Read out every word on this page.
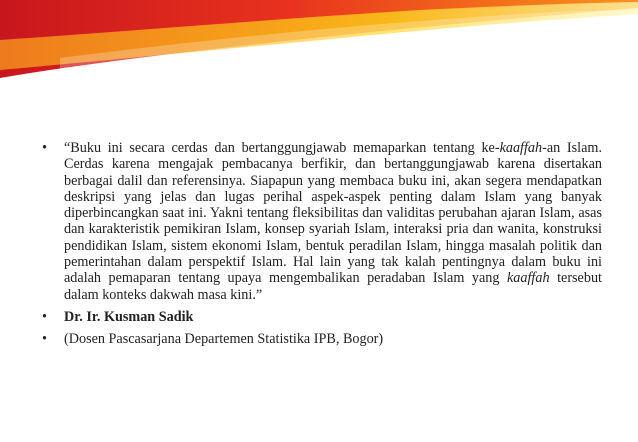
•	“Buku ini secara cerdas dan bertanggungjawab memaparkan tentang ke-kaaffah-an Islam. Cerdas karena mengajak pembacanya berfikir, dan bertanggungjawab karena disertakan berbagai dalil dan referensinya. Siapapun yang membaca buku ini, akan segera mendapatkan deskripsi yang jelas dan lugas perihal aspek-aspek penting dalam Islam yang banyak diperbincangkan saat ini. Yakni tentang fleksibilitas dan validitas perubahan ajaran Islam, asas dan karakteristik pemikiran Islam, konsep syariah Islam, interaksi pria dan wanita, konstruksi pendidikan Islam, sistem ekonomi Islam, bentuk peradilan Islam, hingga masalah politik dan pemerintahan dalam perspektif Islam. Hal lain yang tak kalah pentingnya dalam buku ini adalah pemaparan tentang upaya mengembalikan peradaban Islam yang kaaffah tersebut dalam konteks dakwah masa kini.”
•	Dr. Ir. Kusman Sadik
•	(Dosen Pascasarjana Departemen Statistika IPB, Bogor)
